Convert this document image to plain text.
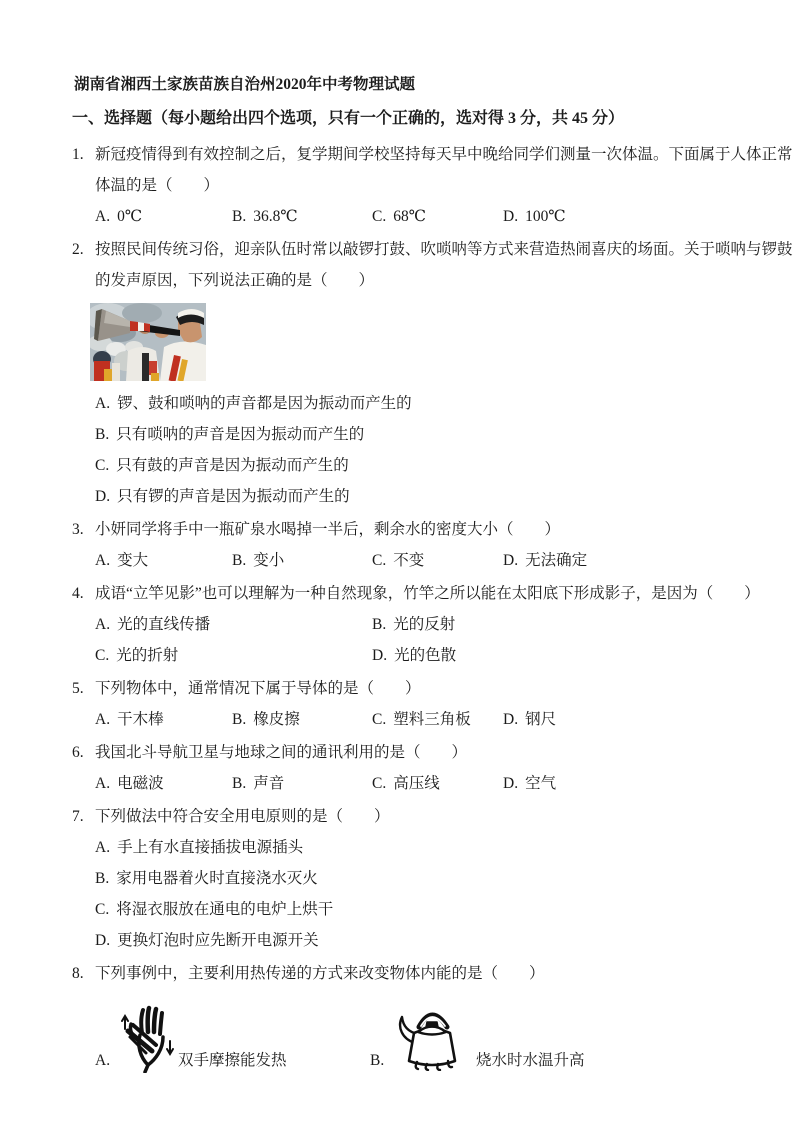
湖南省湘西土家族苗族自治州2020年中考物理试题

一、选择题（每小题给出四个选项，只有一个正确的，选对得 3 分，共 45 分）

1. 新冠疫情得到有效控制之后，复学期间学校坚持每天早中晚给同学们测量一次体温。下面属于人体正常

体温的是（　　）

A. 0℃	B. 36.8℃	C. 68℃	D. 100℃

2. 按照民间传统习俗，迎亲队伍时常以敲锣打鼓、吹唢呐等方式来营造热闹喜庆的场面。关于唢呐与锣鼓

的发声原因，下列说法正确的是（　　）

A. 锣、鼓和唢呐的声音都是因为振动而产生的

B. 只有唢呐的声音是因为振动而产生的

C. 只有鼓的声音是因为振动而产生的

D. 只有锣的声音是因为振动而产生的

3. 小妍同学将手中一瓶矿泉水喝掉一半后，剩余水的密度大小（　　）

A. 变大	B. 变小	C. 不变	D. 无法确定

4. 成语“立竿见影”也可以理解为一种自然现象，竹竿之所以能在太阳底下形成影子，是因为（　　）

A. 光的直线传播	B. 光的反射
C. 光的折射	D. 光的色散

5. 下列物体中，通常情况下属于导体的是（　　）

A. 干木棒	B. 橡皮擦	C. 塑料三角板 D. 钢尺

6. 我国北斗导航卫星与地球之间的通讯利用的是（　　）

A. 电磁波	B. 声音	C. 高压线	D. 空气

7. 下列做法中符合安全用电原则的是（　　）

A. 手上有水直接插拔电源插头

B. 家用电器着火时直接浇水灭火

C. 将湿衣服放在通电的电炉上烘干

D. 更换灯泡时应先断开电源开关

8. 下列事例中，主要利用热传递的方式来改变物体内能的是（　　）

A.	双手摩擦能发热	B.	烧水时水温升高
